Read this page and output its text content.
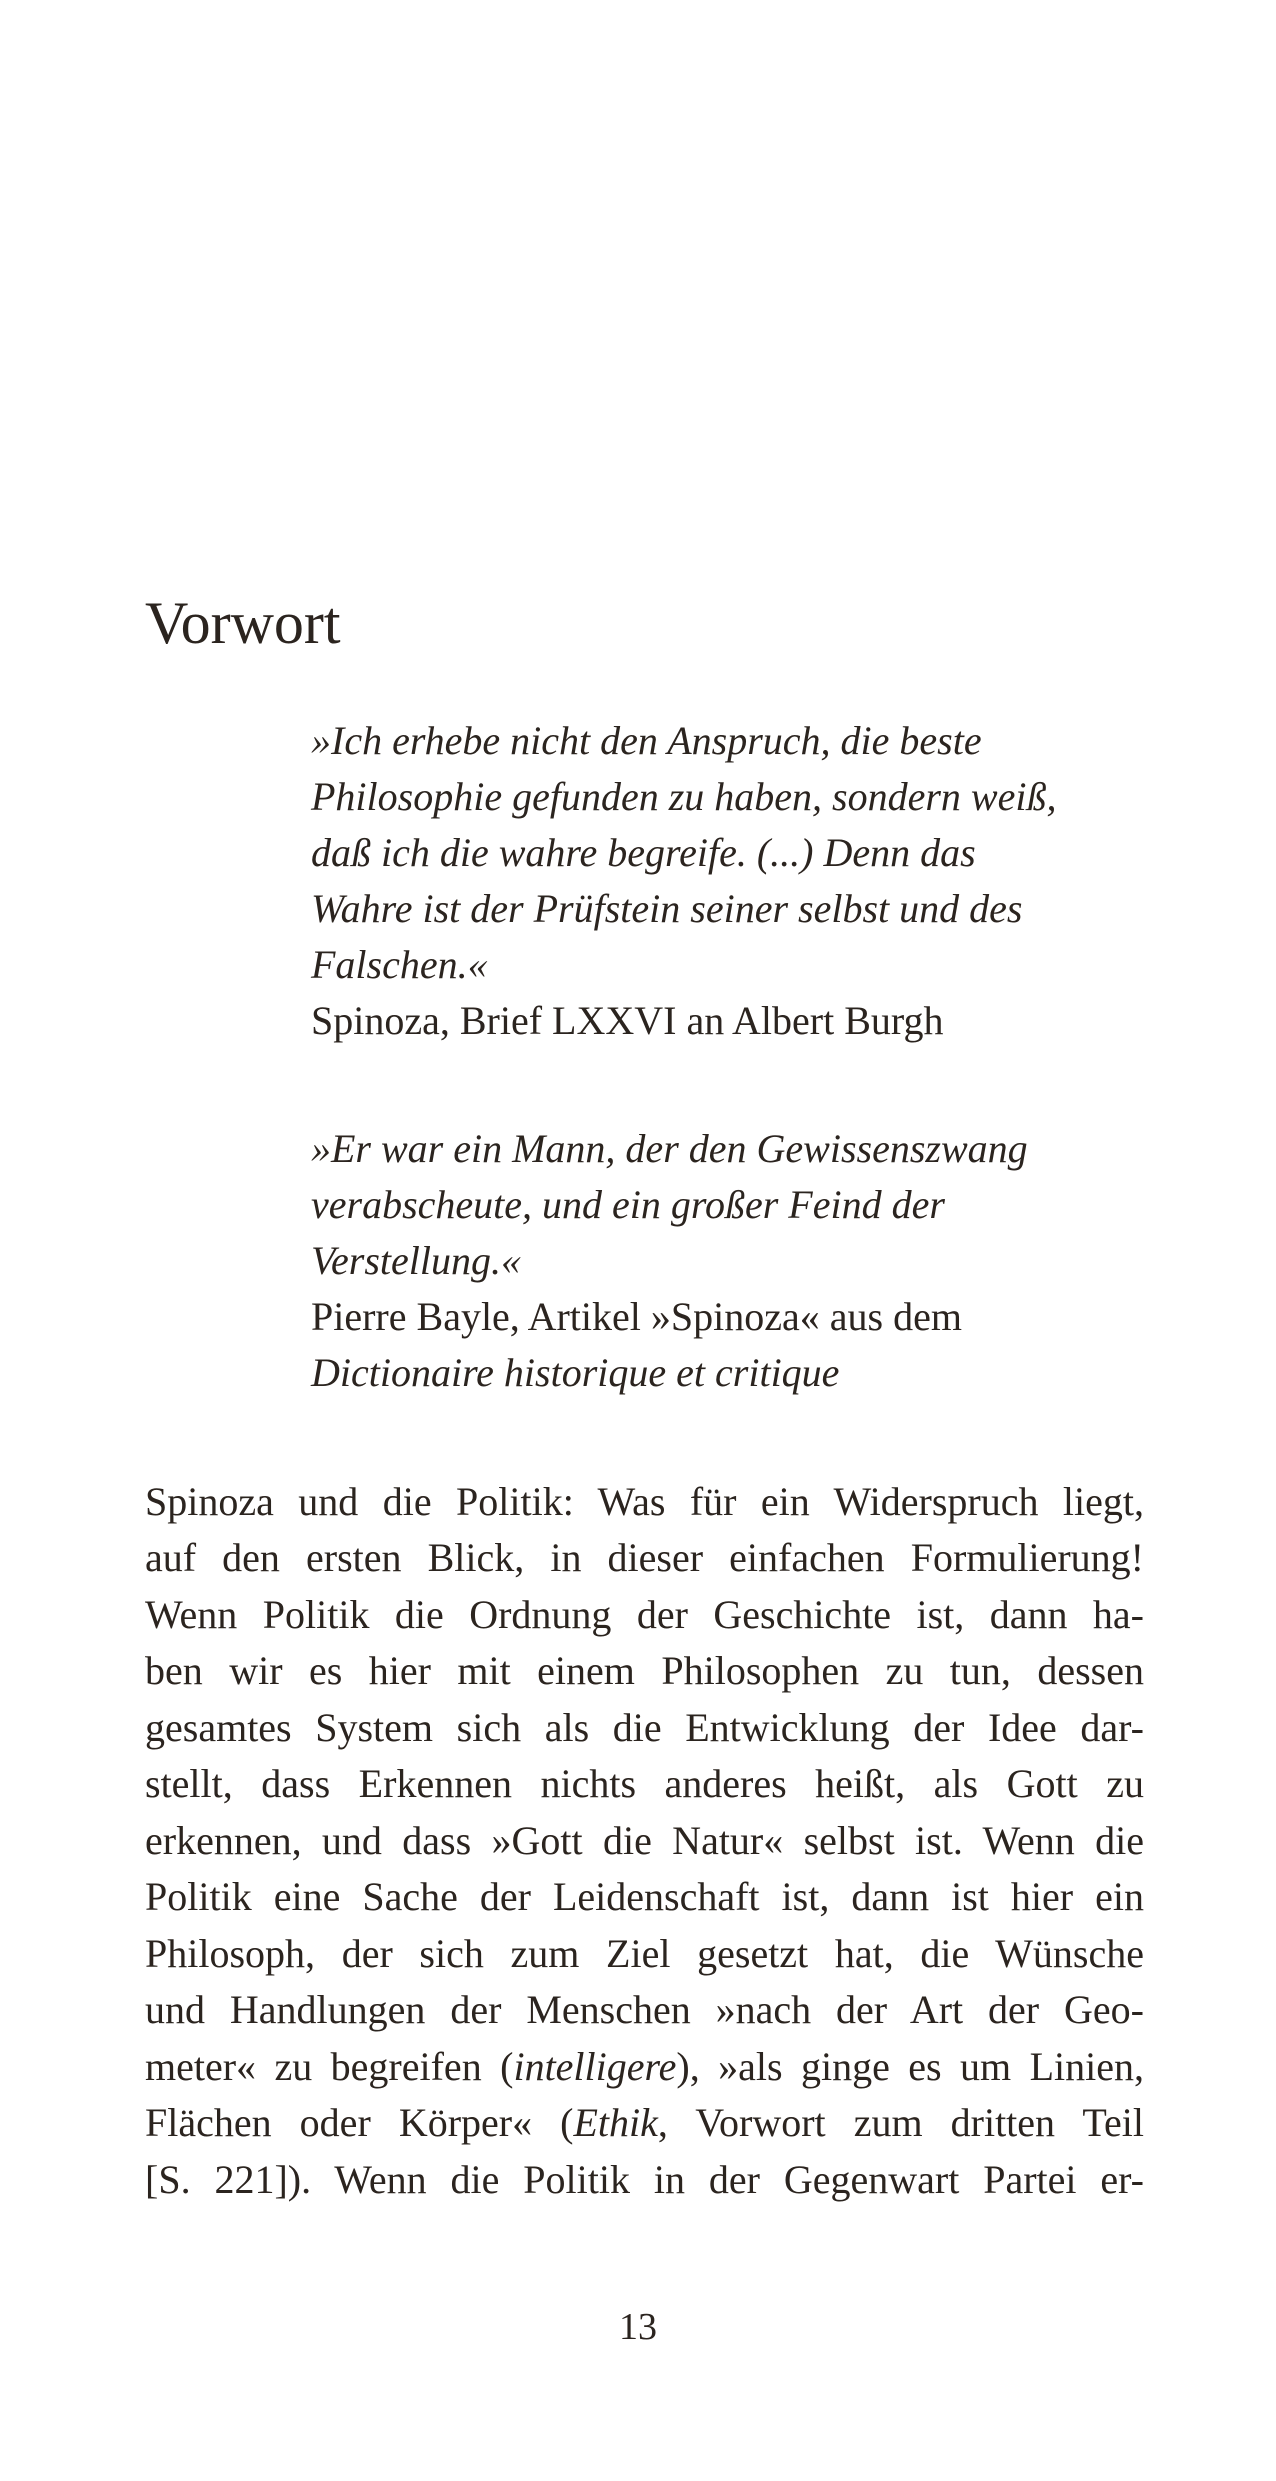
Vorwort
»Ich erhebe nicht den Anspruch, die beste
Philosophie gefunden zu haben, sondern weiß,
daß ich die wahre begreife. (...) Denn das
Wahre ist der Prüfstein seiner selbst und des
Falschen.«
Spinoza, Brief LXXVI an Albert Burgh
»Er war ein Mann, der den Gewissenszwang
verabscheute, und ein großer Feind der
Verstellung.«
Pierre Bayle, Artikel »Spinoza« aus dem
Dictionaire historique et critique
Spinoza und die Politik: Was für ein Widerspruch liegt,
auf den ersten Blick, in dieser einfachen Formulierung!
Wenn Politik die Ordnung der Geschichte ist, dann ha-
ben wir es hier mit einem Philosophen zu tun, dessen
gesamtes System sich als die Entwicklung der Idee dar-
stellt, dass Erkennen nichts anderes heißt, als Gott zu
erkennen, und dass »Gott die Natur« selbst ist. Wenn die
Politik eine Sache der Leidenschaft ist, dann ist hier ein
Philosoph, der sich zum Ziel gesetzt hat, die Wünsche
und Handlungen der Menschen »nach der Art der Geo-
meter« zu begreifen (intelligere), »als ginge es um Linien,
Flächen oder Körper« (Ethik, Vorwort zum dritten Teil
[S. 221]). Wenn die Politik in der Gegenwart Partei er-
13
